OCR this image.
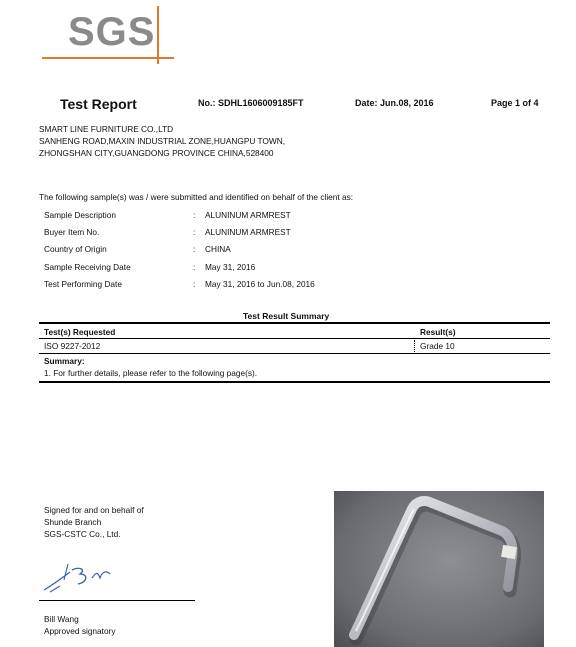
SGS
Test Report	No.: SDHL1606009185FT	Date: Jun.08, 2016	Page 1 of 4
SMART LINE FURNITURE CO.,LTD
SANHENG ROAD,MAXIN INDUSTRIAL ZONE,HUANGPU TOWN,
ZHONGSHAN CITY,GUANGDONG PROVINCE CHINA,528400
The following sample(s) was / were submitted and identified on behalf of the client as:
Sample Description	: ALUNINUM ARMREST
Buyer Item No.	: ALUNINUM ARMREST
Country of Origin	: CHINA
Sample Receiving Date	: May 31, 2016
Test Performing Date	: May 31, 2016 to Jun.08, 2016
Test Result Summary
Test(s) Requested	Result(s)
ISO 9227-2012	Grade 10
Summary:
1. For further details, please refer to the following page(s).
Signed for and on behalf of
Shunde Branch
SGS-CSTC Co., Ltd.
Bill Wang
Approved signatory
